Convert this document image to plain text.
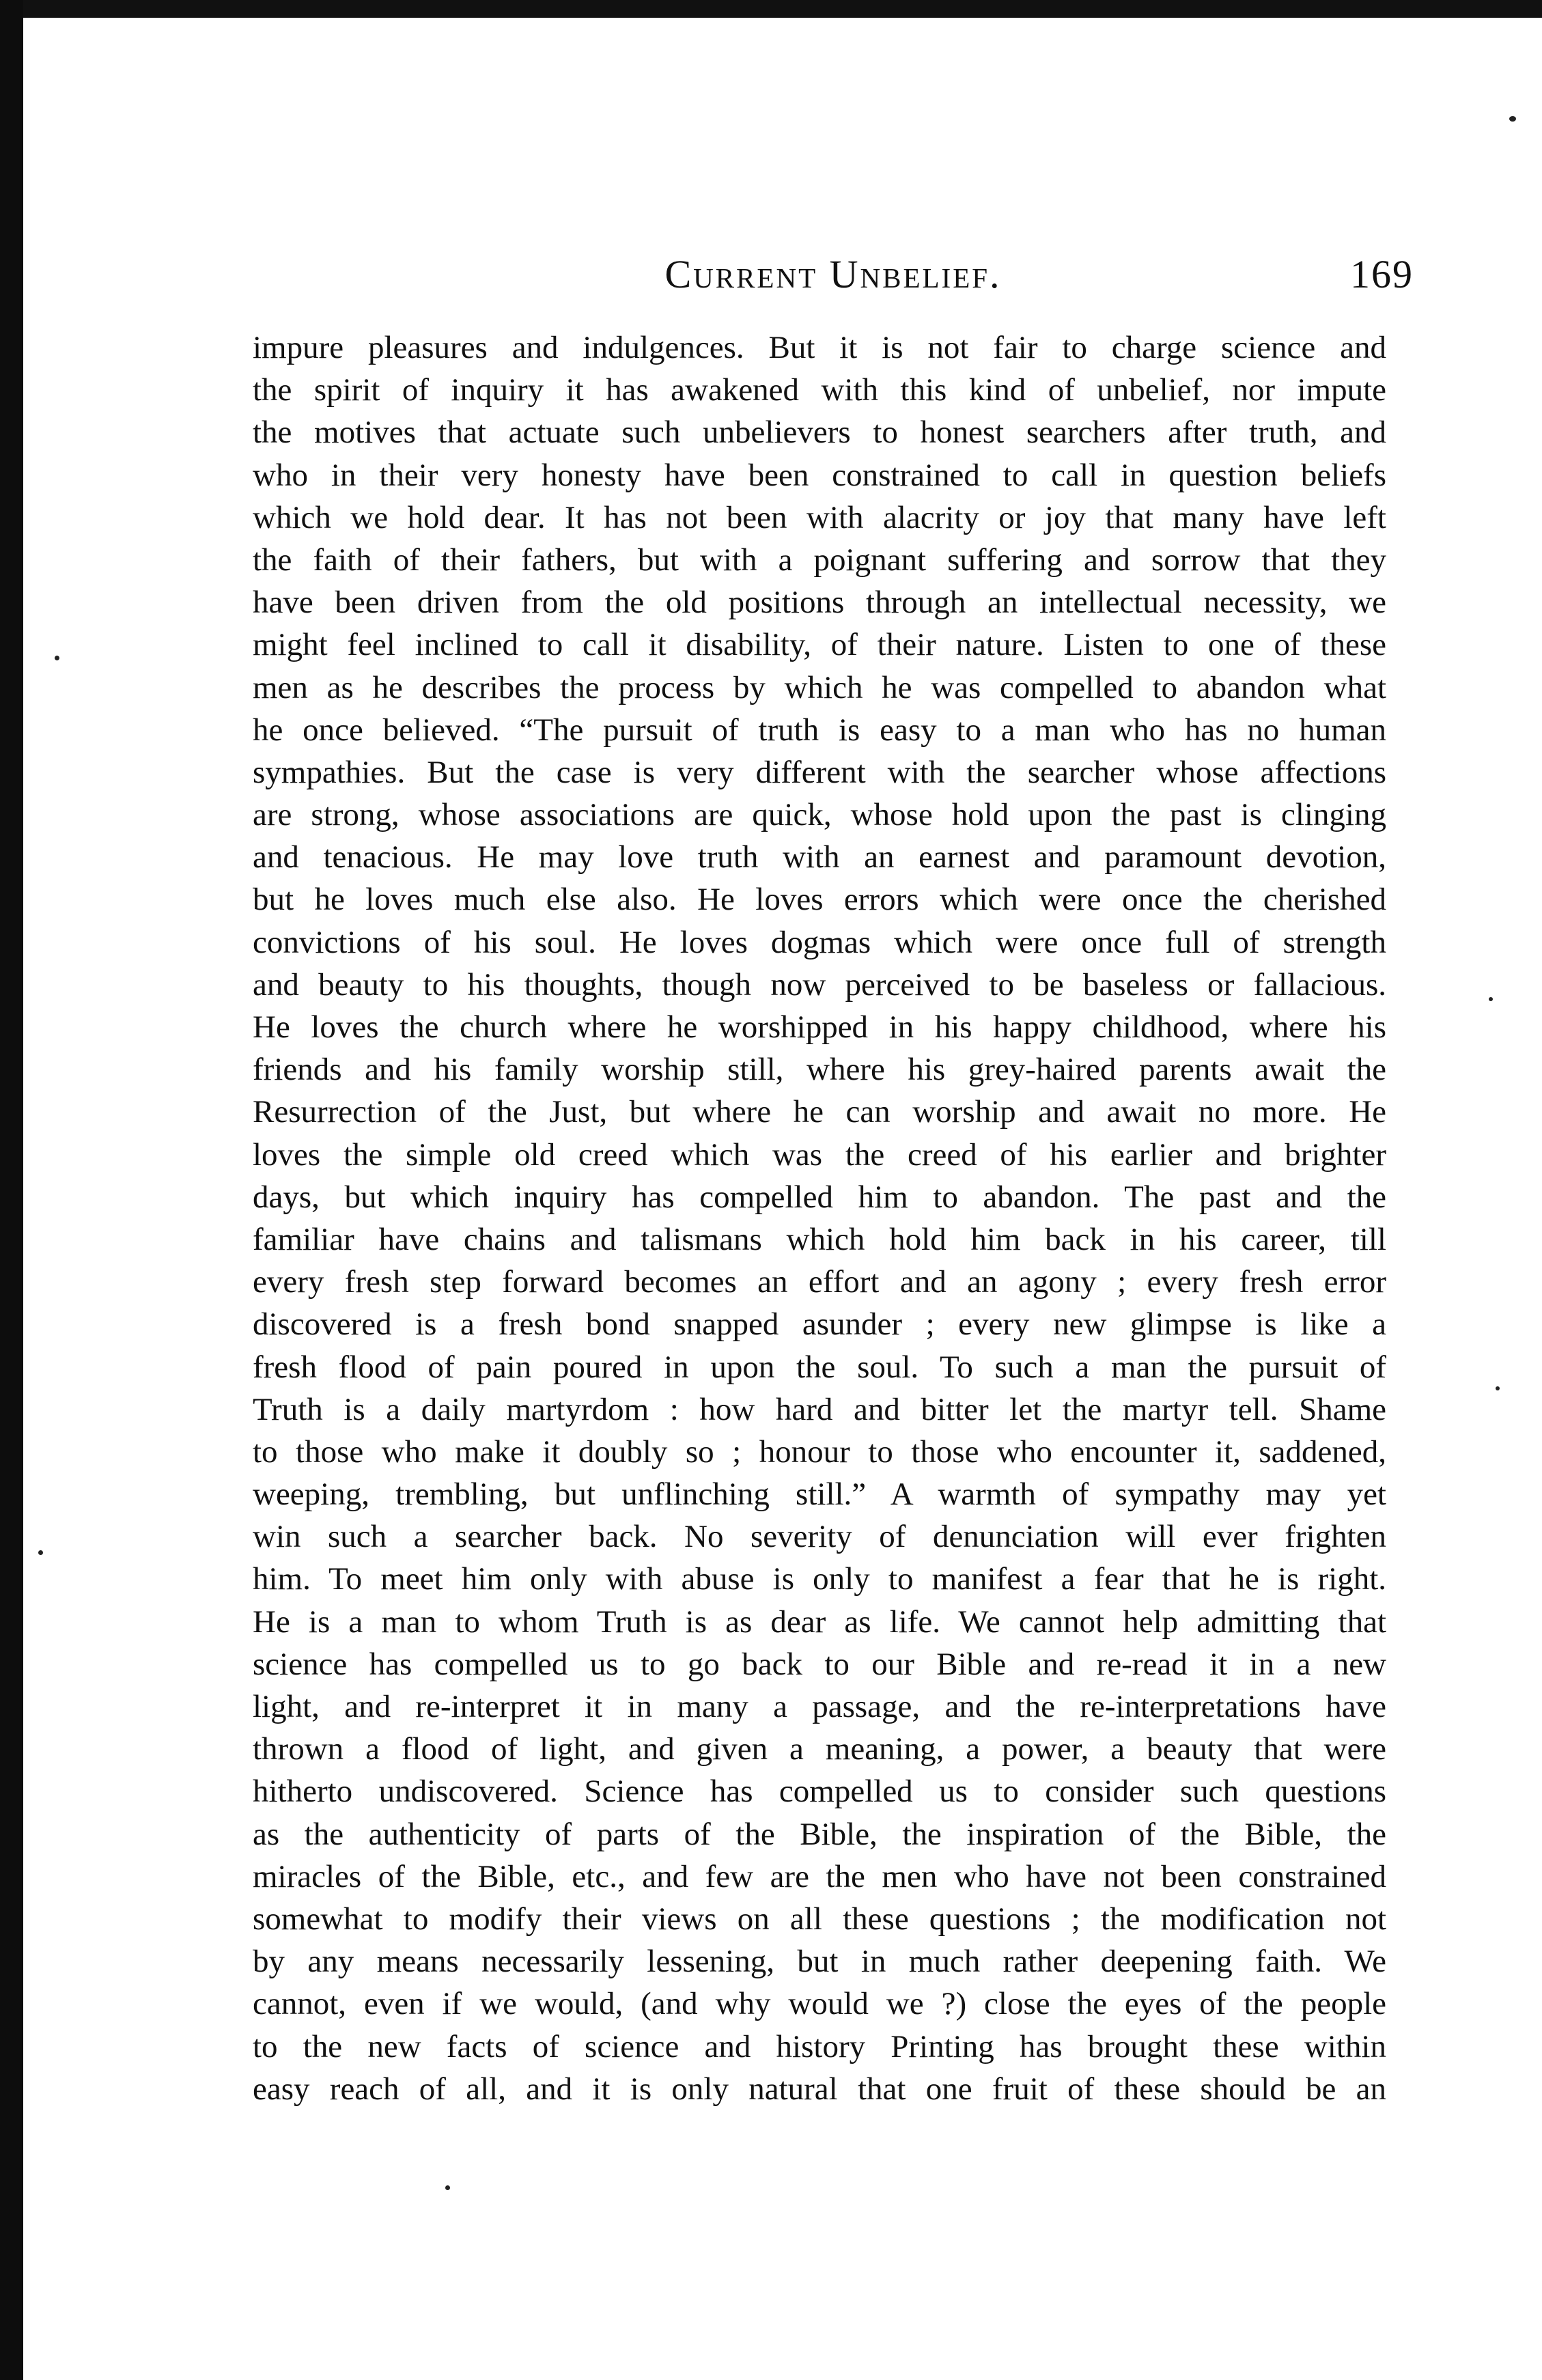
Current Unbelief.	169
impure pleasures and indulgences. But it is not fair to charge science and
the spirit of inquiry it has awakened with this kind of unbelief, nor impute
the motives that actuate such unbelievers to honest searchers after truth, and
who in their very honesty have been constrained to call in question beliefs
which we hold dear. It has not been with alacrity or joy that many have left
the faith of their fathers, but with a poignant suffering and sorrow that they
have been driven from the old positions through an intellectual necessity, we
might feel inclined to call it disability, of their nature. Listen to one of these
men as he describes the process by which he was compelled to abandon what
he once believed. “The pursuit of truth is easy to a man who has no human
sympathies. But the case is very different with the searcher whose affections
are strong, whose associations are quick, whose hold upon the past is clinging
and tenacious. He may love truth with an earnest and paramount devotion,
but he loves much else also. He loves errors which were once the cherished
convictions of his soul. He loves dogmas which were once full of strength
and beauty to his thoughts, though now perceived to be baseless or fallacious.
He loves the church where he worshipped in his happy childhood, where his
friends and his family worship still, where his grey-haired parents await the
Resurrection of the Just, but where he can worship and await no more. He
loves the simple old creed which was the creed of his earlier and brighter
days, but which inquiry has compelled him to abandon. The past and the
familiar have chains and talismans which hold him back in his career, till
every fresh step forward becomes an effort and an agony ; every fresh error
discovered is a fresh bond snapped asunder ; every new glimpse is like a
fresh flood of pain poured in upon the soul. To such a man the pursuit of
Truth is a daily martyrdom : how hard and bitter let the martyr tell. Shame
to those who make it doubly so ; honour to those who encounter it, saddened,
weeping, trembling, but unflinching still.” A warmth of sympathy may yet
win such a searcher back. No severity of denunciation will ever frighten
him. To meet him only with abuse is only to manifest a fear that he is right.
He is a man to whom Truth is as dear as life. We cannot help admitting that
science has compelled us to go back to our Bible and re-read it in a new
light, and re-interpret it in many a passage, and the re-interpretations have
thrown a flood of light, and given a meaning, a power, a beauty that were
hitherto undiscovered. Science has compelled us to consider such questions
as the authenticity of parts of the Bible, the inspiration of the Bible, the
miracles of the Bible, etc., and few are the men who have not been constrained
somewhat to modify their views on all these questions ; the modification not
by any means necessarily lessening, but in much rather deepening faith. We
cannot, even if we would, (and why would we ?) close the eyes of the people
to the new facts of science and history Printing has brought these within
easy reach of all, and it is only natural that one fruit of these should be an
